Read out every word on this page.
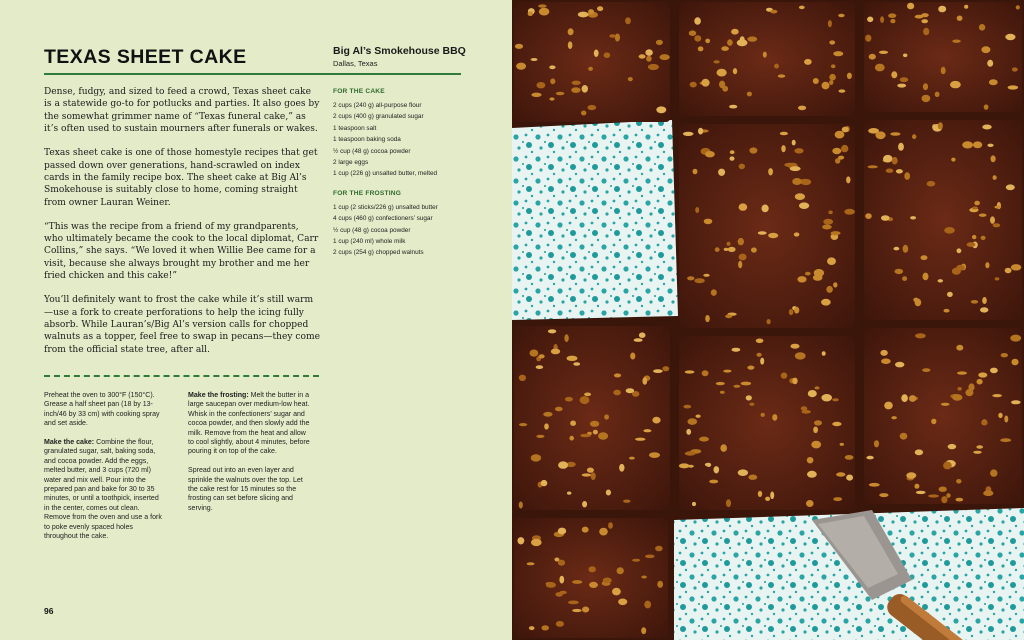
TEXAS SHEET CAKE	Big Al’s Smokehouse BBQ
Dallas, Texas

Dense, fudgy, and sized to feed a crowd, Texas sheet cake is a statewide go-to for potlucks and parties. It also goes by the somewhat grimmer name of “Texas funeral cake,” as it’s often used to sustain mourners after funerals or wakes.

Texas sheet cake is one of those homestyle recipes that get passed down over generations, hand-scrawled on index cards in the family recipe box. The sheet cake at Big Al’s Smokehouse is suitably close to home, coming straight from owner Lauran Weiner.

“This was the recipe from a friend of my grandparents, who ultimately became the cook to the local diplomat, Carr Collins,” she says. “We loved it when Willie Bee came for a visit, because she always brought my brother and me her fried chicken and this cake!”

You’ll definitely want to frost the cake while it’s still warm—use a fork to create perforations to help the icing fully absorb. While Lauran’s/Big Al’s version calls for chopped walnuts as a topper, feel free to swap in pecans—they come from the official state tree, after all.

FOR THE CAKE
2 cups (240 g) all-purpose flour
2 cups (400 g) granulated sugar
1 teaspoon salt
1 teaspoon baking soda
½ cup (48 g) cocoa powder
2 large eggs
1 cup (226 g) unsalted butter, melted
FOR THE FROSTING
1 cup (2 sticks/226 g) unsalted butter
4 cups (460 g) confectioners’ sugar
½ cup (48 g) cocoa powder
1 cup (240 ml) whole milk
2 cups (254 g) chopped walnuts

Preheat the oven to 300°F (150°C). Grease a half sheet pan (18 by 13-inch/46 by 33 cm) with cooking spray and set aside.

Make the cake: Combine the flour, granulated sugar, salt, baking soda, and cocoa powder. Add the eggs, melted butter, and 3 cups (720 ml) water and mix well. Pour into the prepared pan and bake for 30 to 35 minutes, or until a toothpick, inserted in the center, comes out clean. Remove from the oven and use a fork to poke evenly spaced holes throughout the cake.

Make the frosting: Melt the butter in a large saucepan over medium-low heat. Whisk in the confectioners’ sugar and cocoa powder, and then slowly add the milk. Remove from the heat and allow to cool slightly, about 4 minutes, before pouring it on top of the cake.

Spread out into an even layer and sprinkle the walnuts over the top. Let the cake rest for 15 minutes so the frosting can set before slicing and serving.

96
